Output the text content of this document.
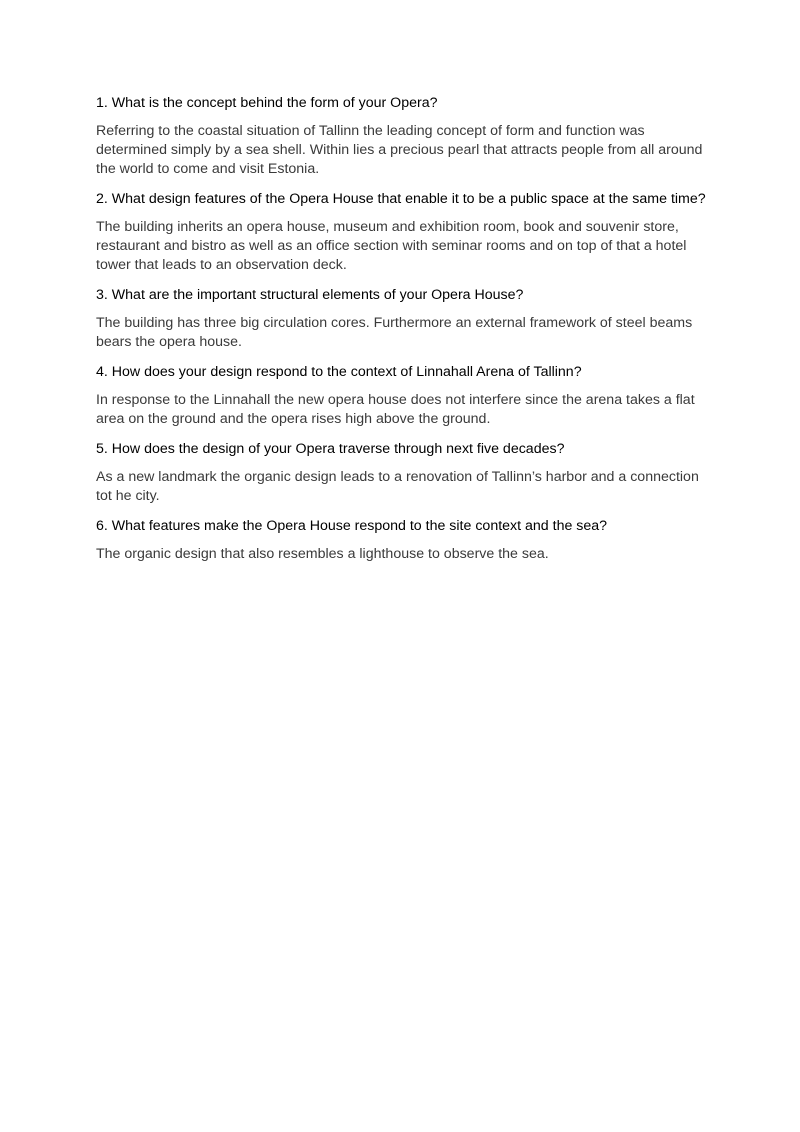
1. What is the concept behind the form of your Opera?

Referring to the coastal situation of Tallinn the leading concept of form and function was determined simply by a sea shell. Within lies a precious pearl that attracts people from all around the world to come and visit Estonia.

2. What design features of the Opera House that enable it to be a public space at the same time?

The building inherits an opera house, museum and exhibition room, book and souvenir store, restaurant and bistro as well as an office section with seminar rooms and on top of that a hotel tower that leads to an observation deck.

3. What are the important structural elements of your Opera House?

The building has three big circulation cores. Furthermore an external framework of steel beams bears the opera house.

4. How does your design respond to the context of Linnahall Arena of Tallinn?

In response to the Linnahall the new opera house does not interfere since the arena takes a flat area on the ground and the opera rises high above the ground.

5. How does the design of your Opera traverse through next five decades?

As a new landmark the organic design leads to a renovation of Tallinn’s harbor and a connection tot he city.

6. What features make the Opera House respond to the site context and the sea?

The organic design that also resembles a lighthouse to observe the sea.
